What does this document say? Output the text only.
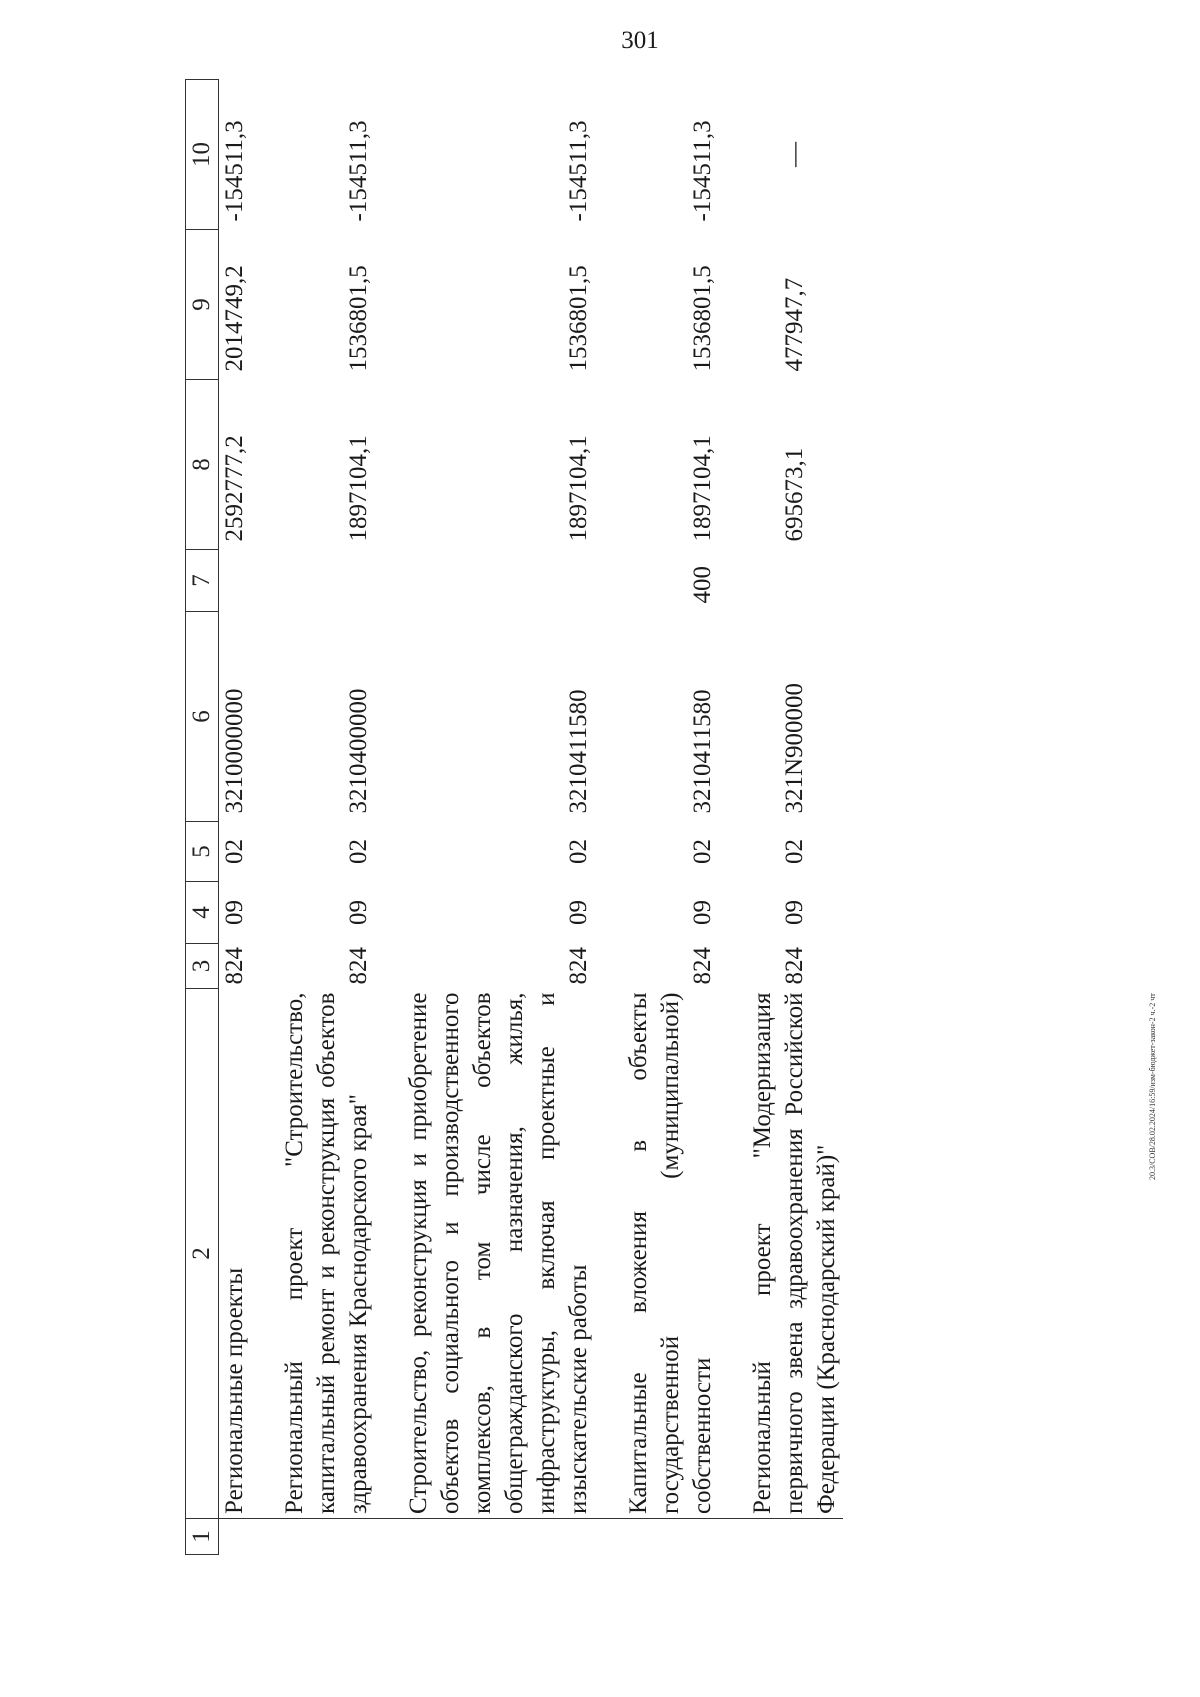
301
20.3/СОВ/28.02.2024/16:59/изм-бюджет-закон-2 ч.-2 чт
1	2	3	4	5	6	7	8	9	10
	Региональные проекты	824	09	02	3210000000		2592777,2	2014749,2	-154511,3

	Региональный проект "Строительство, капитальный ремонт и реконструкция объектов здравоохранения Краснодарского края"	824	09	02	3210400000		1897104,1	1536801,5	-154511,3

	Строительство, реконструкция и приобретение объектов социального и производственного комплексов, в том числе объектов общегражданского назначения, жилья, инфраструктуры, включая проектные и изыскательские работы	824	09	02	3210411580		1897104,1	1536801,5	-154511,3

	Капитальные вложения в объекты государственной (муниципальной) собственности	824	09	02	3210411580	400	1897104,1	1536801,5	-154511,3

	Региональный проект "Модернизация первичного звена здравоохранения Российской Федерации (Краснодарский край)"	824	09	02	321N900000		695673,1	477947,7	—
